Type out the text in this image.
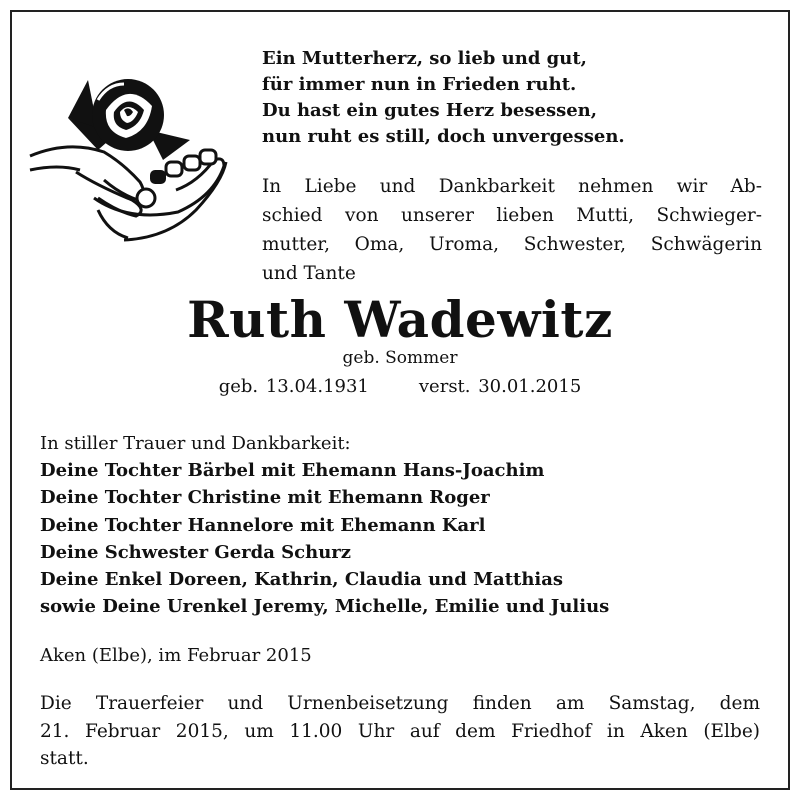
Ein Mutterherz, so lieb und gut,
für immer nun in Frieden ruht.
Du hast ein gutes Herz besessen,
nun ruht es still, doch unvergessen.
In Liebe und Dankbarkeit nehmen wir Ab-
schied von unserer lieben Mutti, Schwieger-
mutter, Oma, Uroma, Schwester, Schwägerin
und Tante
Ruth Wadewitz
geb. Sommer
geb. 13.04.1931	verst. 30.01.2015
In stiller Trauer und Dankbarkeit:
Deine Tochter Bärbel mit Ehemann Hans-Joachim
Deine Tochter Christine mit Ehemann Roger
Deine Tochter Hannelore mit Ehemann Karl
Deine Schwester Gerda Schurz
Deine Enkel Doreen, Kathrin, Claudia und Matthias
sowie Deine Urenkel Jeremy, Michelle, Emilie und Julius
Aken (Elbe), im Februar 2015
Die Trauerfeier und Urnenbeisetzung finden am Samstag, dem
21. Februar 2015, um 11.00 Uhr auf dem Friedhof in Aken (Elbe)
statt.
